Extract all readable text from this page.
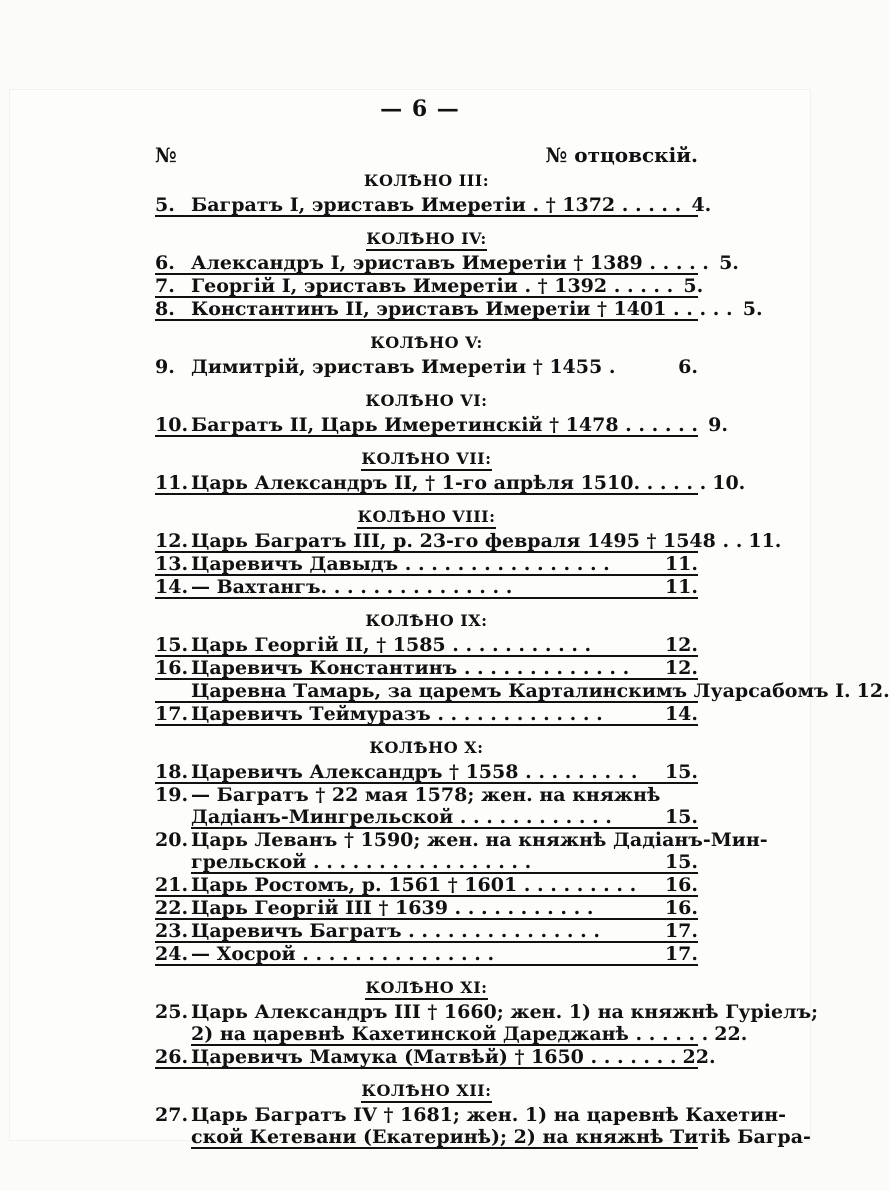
— 6 —
№	№ отцовскій.
КОЛѢНО III:
5. Багратъ I, эриставъ Имеретіи . † 1372 . . . . . 4.
КОЛѢНО IV:
6. Александръ I, эриставъ Имеретіи † 1389 . . . . . 5.
7. Георгій I, эриставъ Имеретіи . † 1392 . . . . . 5.
8. Константинъ II, эриставъ Имеретіи † 1401 . . . . . 5.
КОЛѢНО V:
9. Димитрій, эриставъ Имеретіи † 1455 .	6.
КОЛѢНО VI:
10. Багратъ II, Царь Имеретинскій † 1478 . . . . . . 9.
КОЛѢНО VII:
11. Царь Александръ II, † 1-го апрѣля 1510. . . . . . 10.
КОЛѢНО VIII:
12. Царь Багратъ III, р. 23-го февраля 1495 † 1548 . . 11.
13. Царевичъ Давыдъ . . . . . . . . . . . . . . . .	11.
14. — Вахтангъ. . . . . . . . . . . . . . .	11.
КОЛѢНО IX:
15. Царь Георгій II, † 1585 . . . . . . . . . . .	12.
16. Царевичъ Константинъ . . . . . . . . . . . . .	12.
Царевна Тамарь, за царемъ Карталинскимъ Луарсабомъ I. 12.
17. Царевичъ Теймуразъ . . . . . . . . . . . . .	14.
КОЛѢНО X:
18. Царевичъ Александръ † 1558 . . . . . . . . .	15.
19. — Багратъ † 22 мая 1578; жен. на княжнѣ
Дадіанъ-Мингрельской . . . . . . . . . . . .	15.
20. Царь Леванъ † 1590; жен. на княжнѣ Дадіанъ-Мин-
грельской . . . . . . . . . . . . . . . . .	15.
21. Царь Ростомъ, р. 1561 † 1601 . . . . . . . . .	16.
22. Царь Георгій III † 1639 . . . . . . . . . . .	16.
23. Царевичъ Багратъ . . . . . . . . . . . . . . .	17.
24. — Хосрой . . . . . . . . . . . . . . .	17.
КОЛѢНО XI:
25. Царь Александръ III † 1660; жен. 1) на княжнѣ Гуріелъ;
2) на царевнѣ Кахетинской Дареджанѣ . . . . . . 22.
26. Царевичъ Мамука (Матвѣй) † 1650 . . . . . . . 22.
КОЛѢНО XII:
27. Царь Багратъ IV † 1681; жен. 1) на царевнѣ Кахетин-
ской Кетевани (Екатеринѣ); 2) на княжнѣ Титіѣ Багра-
